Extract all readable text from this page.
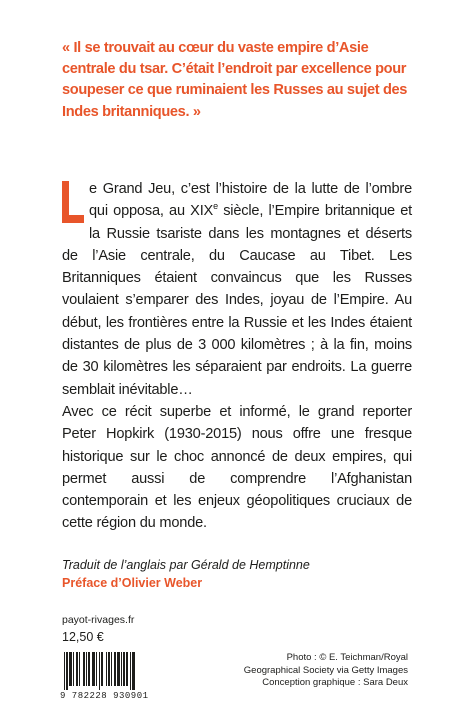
« Il se trouvait au cœur du vaste empire d’Asie centrale du tsar. C’était l’endroit par excellence pour soupeser ce que ruminaient les Russes au sujet des Indes britanniques. »
e Grand Jeu, c’est l’histoire de la lutte de l’ombre qui opposa, au XIXe siècle, l’Empire britannique et la Russie tsariste dans les montagnes et déserts de l’Asie centrale, du Caucase au Tibet. Les Britanniques étaient convaincus que les Russes voulaient s’emparer des Indes, joyau de l’Empire. Au début, les frontières entre la Russie et les Indes étaient distantes de plus de 3 000 kilomètres ; à la fin, moins de 30 kilomètres les séparaient par endroits. La guerre semblait inévitable…
Avec ce récit superbe et informé, le grand reporter Peter Hopkirk (1930-2015) nous offre une fresque historique sur le choc annoncé de deux empires, qui permet aussi de comprendre l’Afghanistan contemporain et les enjeux géopolitiques cruciaux de cette région du monde.
Traduit de l’anglais par Gérald de Hemptinne
Préface d’Olivier Weber
payot-rivages.fr
12,50 €
9 782228 930901
Photo : © E. Teichman/Royal
Geographical Society via Getty Images
Conception graphique : Sara Deux
